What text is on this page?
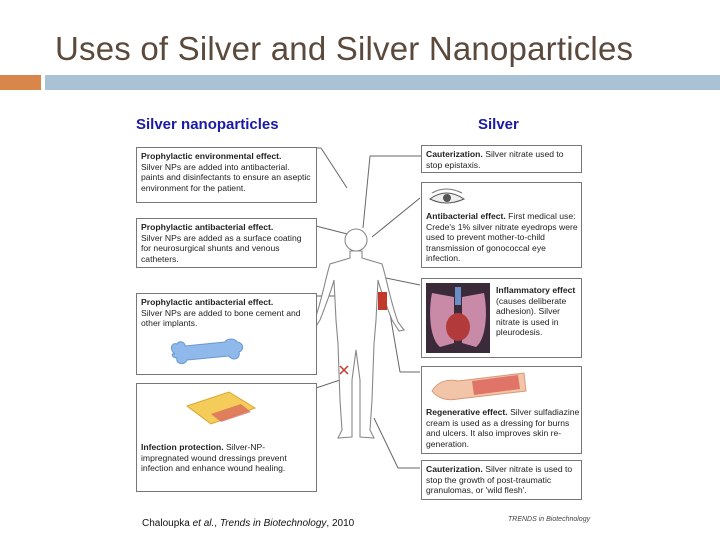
Uses of Silver and Silver Nanoparticles
Silver nanoparticles	Silver
Prophylactic environmental effect.
Silver NPs are added into antibacterial. paints and disinfectants to ensure an aseptic environment for the patient.
Prophylactic antibacterial effect.
Silver NPs are added as a surface coating for neurosurgical shunts and venous catheters.
Prophylactic antibacterial effect.
Silver NPs are added to bone cement and other implants.
Infection protection. Silver-NP-impregnated wound dressings prevent infection and enhance wound healing.
Cauterization. Silver nitrate used to stop epistaxis.
Antibacterial effect. First medical use: Crede's 1% silver nitrate eyedrops were used to prevent mother-to-child transmission of gonococcal eye infection.
Inflammatory effect
(causes deliberate adhesion). Silver nitrate is used in pleurodesis.
Regenerative effect. Silver sulfadiazine cream is used as a dressing for burns and ulcers. It also improves skin re-generation.
Cauterization. Silver nitrate is used to stop the growth of post-traumatic granulomas, or 'wild flesh'.
Chaloupka et al., Trends in Biotechnology, 2010	TRENDS in Biotechnology
